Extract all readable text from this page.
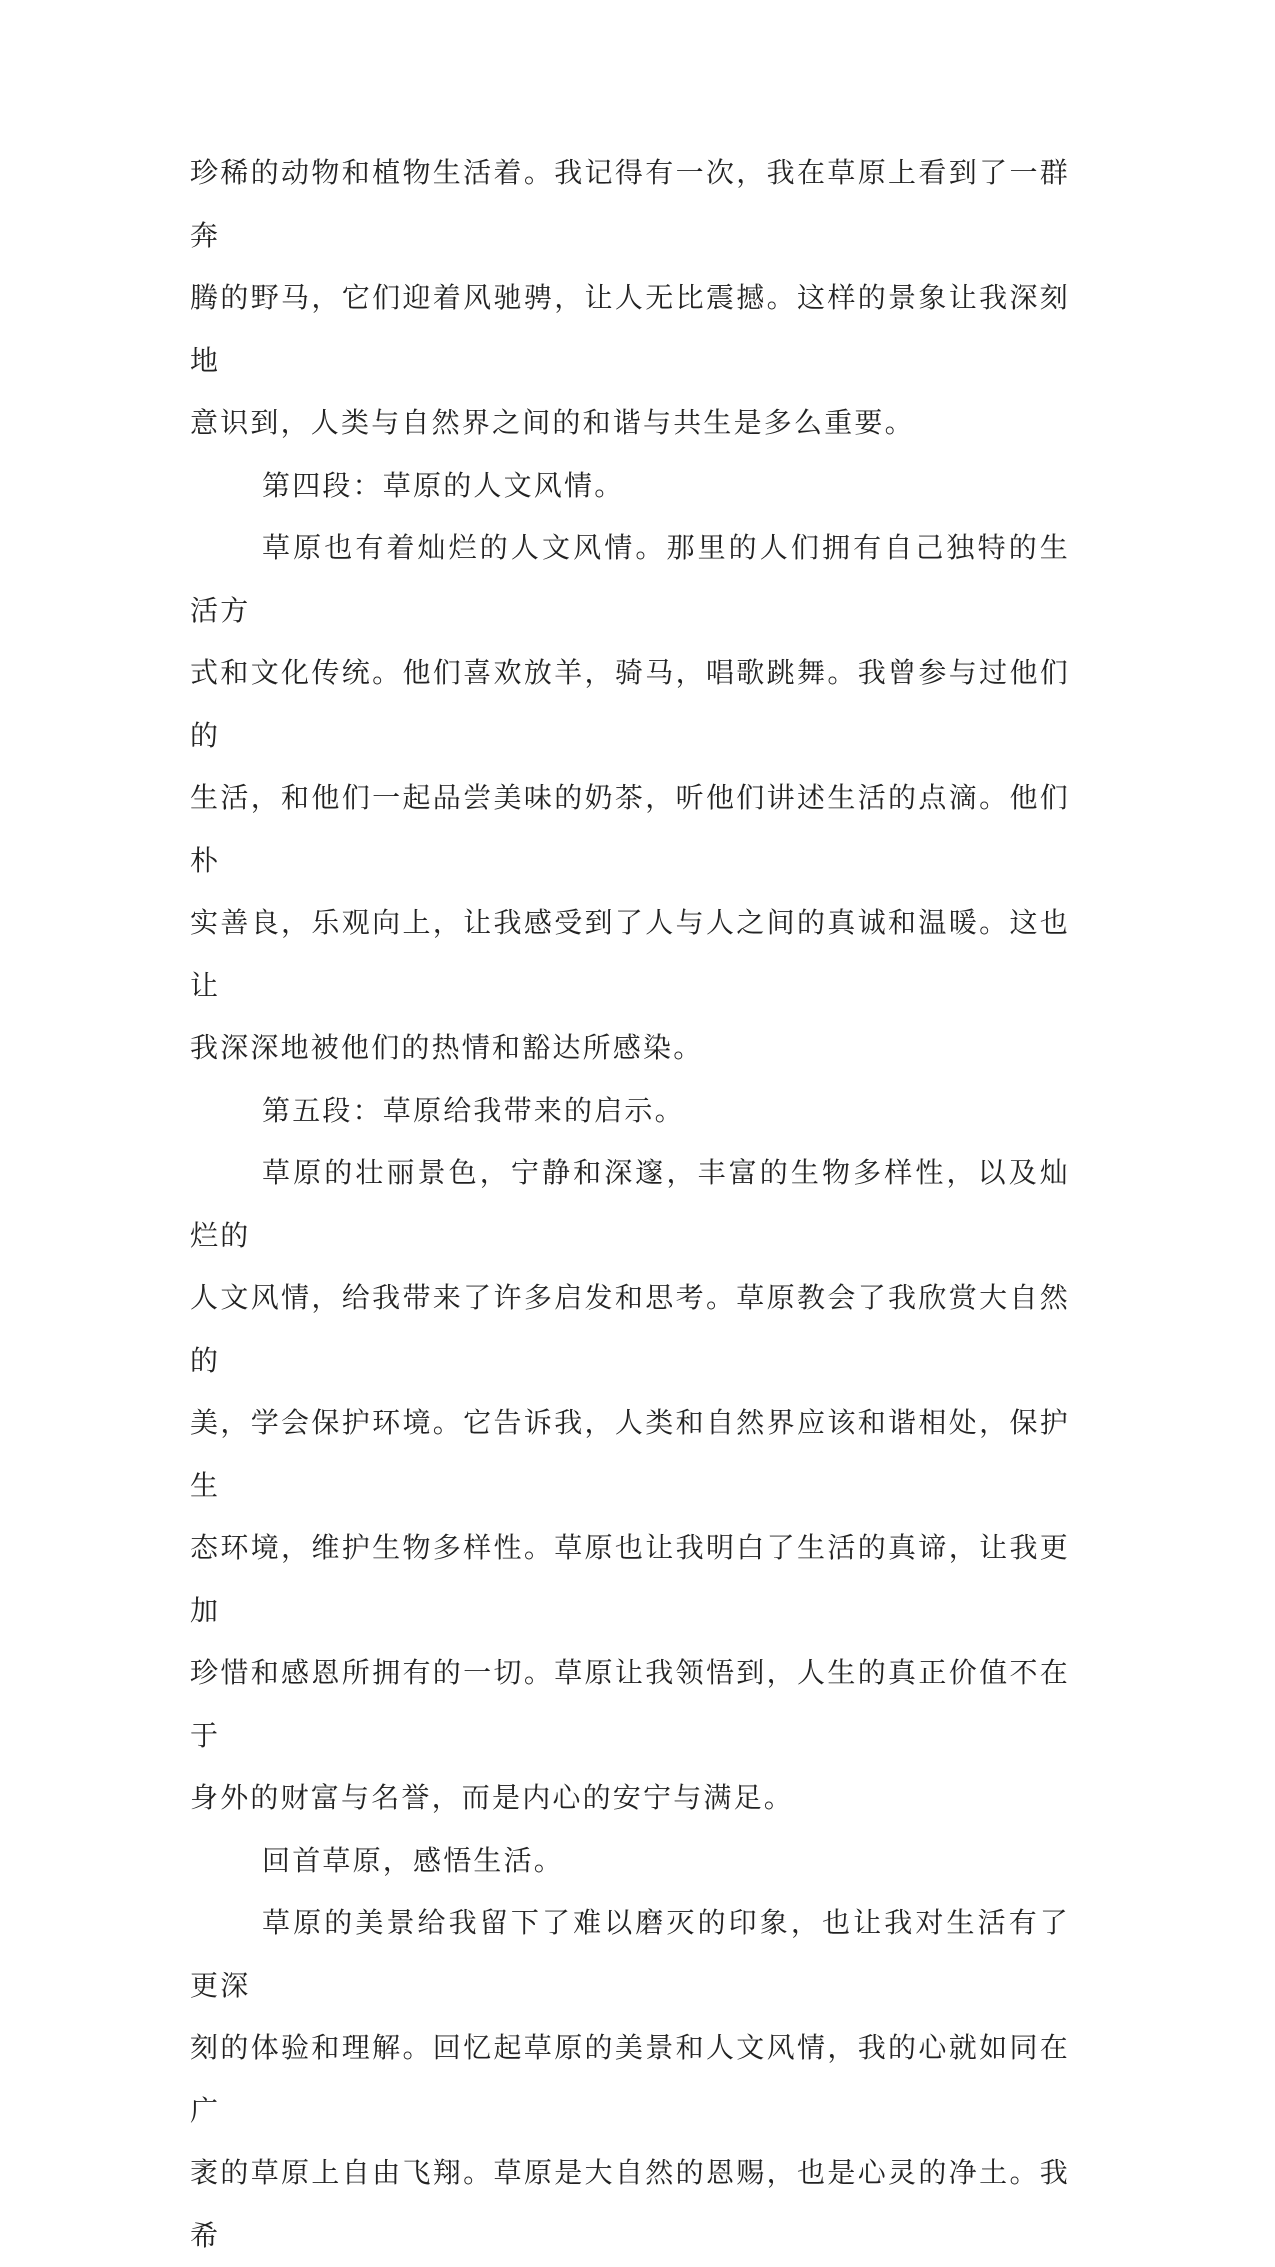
珍稀的动物和植物生活着。我记得有一次，我在草原上看到了一群奔
腾的野马，它们迎着风驰骋，让人无比震撼。这样的景象让我深刻地
意识到，人类与自然界之间的和谐与共生是多么重要。

第四段：草原的人文风情。

草原也有着灿烂的人文风情。那里的人们拥有自己独特的生活方
式和文化传统。他们喜欢放羊，骑马，唱歌跳舞。我曾参与过他们的
生活，和他们一起品尝美味的奶茶，听他们讲述生活的点滴。他们朴
实善良，乐观向上，让我感受到了人与人之间的真诚和温暖。这也让
我深深地被他们的热情和豁达所感染。

第五段：草原给我带来的启示。

草原的壮丽景色，宁静和深邃，丰富的生物多样性，以及灿烂的
人文风情，给我带来了许多启发和思考。草原教会了我欣赏大自然的
美，学会保护环境。它告诉我，人类和自然界应该和谐相处，保护生
态环境，维护生物多样性。草原也让我明白了生活的真谛，让我更加
珍惜和感恩所拥有的一切。草原让我领悟到，人生的真正价值不在于
身外的财富与名誉，而是内心的安宁与满足。

回首草原，感悟生活。

草原的美景给我留下了难以磨灭的印象，也让我对生活有了更深
刻的体验和理解。回忆起草原的美景和人文风情，我的心就如同在广
袤的草原上自由飞翔。草原是大自然的恩赐，也是心灵的净土。我希
